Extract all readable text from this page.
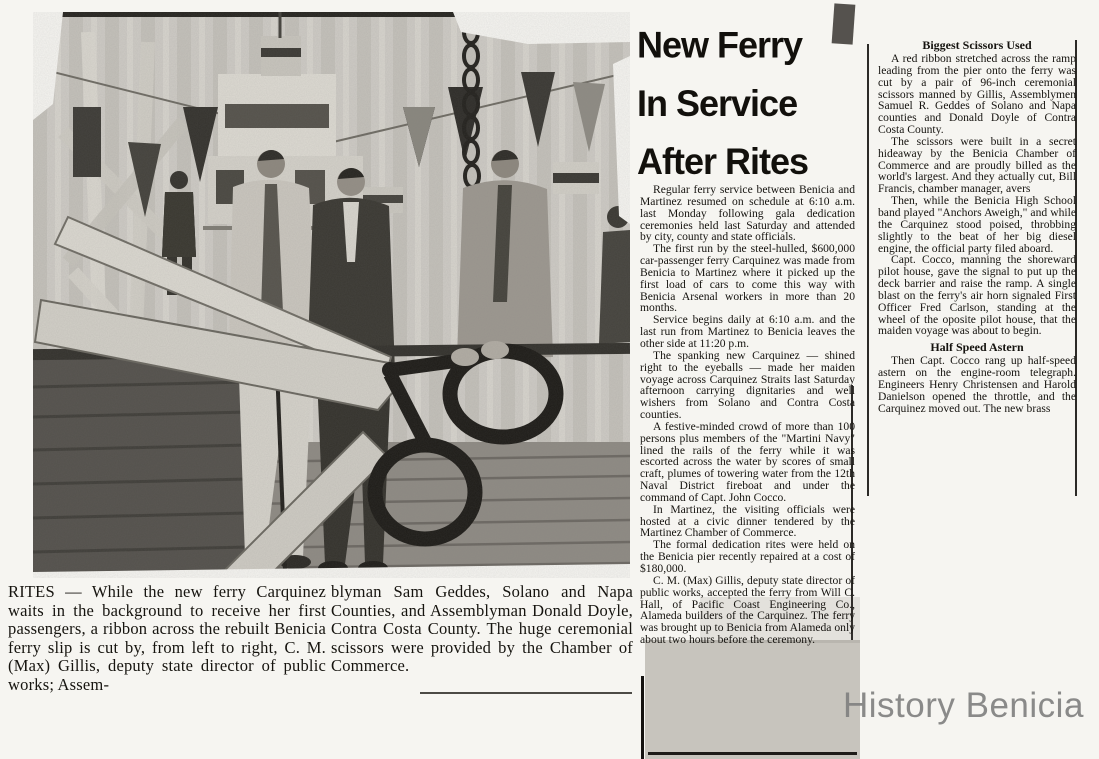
RITES — While the new ferry Carquinez waits in the background to receive her first passengers, a ribbon across the rebuilt Benicia ferry slip is cut by, from left to right, C. M. (Max) Gillis, deputy state director of public works; Assem-
blyman Sam Geddes, Solano and Napa Counties, and Assemblyman Donald Doyle, Contra Costa County. The huge ceremonial scissors were provided by the Chamber of Commerce.
New Ferry
In Service
After Rites

Regular ferry service between Benicia and Martinez resumed on schedule at 6:10 a.m. last Monday following gala dedication ceremonies held last Saturday and attended by city, county and state officials.

The first run by the steel-hulled, $600,000 car-passenger ferry Carquinez was made from Benicia to Martinez where it picked up the first load of cars to come this way with Benicia Arsenal workers in more than 20 months.

Service begins daily at 6:10 a.m. and the last run from Martinez to Benicia leaves the other side at 11:20 p.m.

The spanking new Carquinez — shined right to the eyeballs — made her maiden voyage across Carquinez Straits last Saturday afternoon carrying dignitaries and well wishers from Solano and Contra Costa counties.

A festive-minded crowd of more than 100 persons plus members of the "Martini Navy" lined the rails of the ferry while it was escorted across the water by scores of small craft, plumes of towering water from the 12th Naval District fireboat and under the command of Capt. John Cocco.

In Martinez, the visiting officials were hosted at a civic dinner tendered by the Martinez Chamber of Commerce.

The formal dedication rites were held on the Benicia pier recently repaired at a cost of $180,000.

C. M. (Max) Gillis, deputy state director of public works, accepted the ferry from Will C. Hall, of Pacific Coast Engineering Co., Alameda builders of the Carquinez. The ferry was brought up to Benicia from Alameda only about two hours before the ceremony.

Biggest Scissors Used

A red ribbon stretched across the ramp leading from the pier onto the ferry was cut by a pair of 96-inch ceremonial scissors manned by Gillis, Assemblymen Samuel R. Geddes of Solano and Napa counties and Donald Doyle of Contra Costa County.

The scissors were built in a secret hideaway by the Benicia Chamber of Commerce and are proudly billed as the world's largest. And they actually cut, Bill Francis, chamber manager, avers

Then, while the Benicia High School band played "Anchors Aweigh," and while the Carquinez stood poised, throbbing slightly to the beat of her big diesel engine, the official party filed aboard.

Capt. Cocco, manning the shoreward pilot house, gave the signal to put up the deck barrier and raise the ramp. A single blast on the ferry's air horn signaled First Officer Fred Carlson, standing at the wheel of the oposite pilot house, that the maiden voyage was about to begin.

Half Speed Astern

Then Capt. Cocco rang up half-speed astern on the engine-room telegraph. Engineers Henry Christensen and Harold Danielson opened the throttle, and the Carquinez moved out. The new brass

History Benicia
